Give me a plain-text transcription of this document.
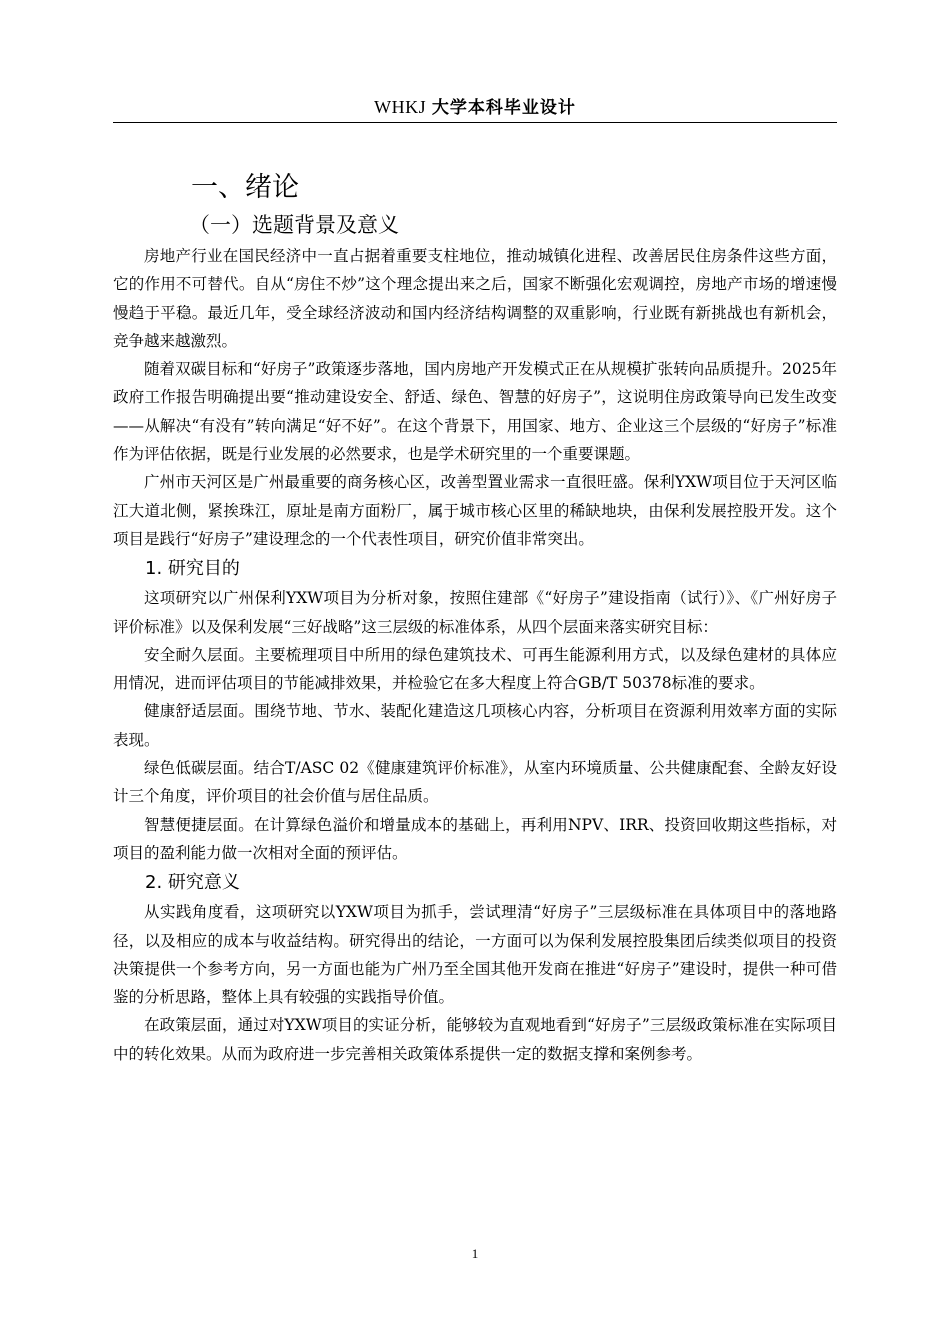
WHKJ 大学本科毕业设计
一、绪论
（一）选题背景及意义

房地产行业在国民经济中一直占据着重要支柱地位，推动城镇化进程、改善居民住房条件这些方面，它的作用不可替代。自从“房住不炒”这个理念提出来之后，国家不断强化宏观调控，房地产市场的增速慢慢趋于平稳。最近几年，受全球经济波动和国内经济结构调整的双重影响，行业既有新挑战也有新机会，竞争越来越激烈。

随着双碳目标和“好房子”政策逐步落地，国内房地产开发模式正在从规模扩张转向品质提升。2025年政府工作报告明确提出要“推动建设安全、舒适、绿色、智慧的好房子”，这说明住房政策导向已发生改变——从解决“有没有”转向满足“好不好”。在这个背景下，用国家、地方、企业这三个层级的“好房子”标准作为评估依据，既是行业发展的必然要求，也是学术研究里的一个重要课题。

广州市天河区是广州最重要的商务核心区，改善型置业需求一直很旺盛。保利YXW项目位于天河区临江大道北侧，紧挨珠江，原址是南方面粉厂，属于城市核心区里的稀缺地块，由保利发展控股开发。这个项目是践行“好房子”建设理念的一个代表性项目，研究价值非常突出。

1. 研究目的

这项研究以广州保利YXW项目为分析对象，按照住建部《“好房子”建设指南（试行）》、《广州好房子评价标准》以及保利发展“三好战略”这三层级的标准体系，从四个层面来落实研究目标：

安全耐久层面。主要梳理项目中所用的绿色建筑技术、可再生能源利用方式，以及绿色建材的具体应用情况，进而评估项目的节能减排效果，并检验它在多大程度上符合GB/T 50378标准的要求。

健康舒适层面。围绕节地、节水、装配化建造这几项核心内容，分析项目在资源利用效率方面的实际表现。

绿色低碳层面。结合T/ASC 02《健康建筑评价标准》，从室内环境质量、公共健康配套、全龄友好设计三个角度，评价项目的社会价值与居住品质。

智慧便捷层面。在计算绿色溢价和增量成本的基础上，再利用NPV、IRR、投资回收期这些指标，对项目的盈利能力做一次相对全面的预评估。

2. 研究意义

从实践角度看，这项研究以YXW项目为抓手，尝试理清“好房子”三层级标准在具体项目中的落地路径，以及相应的成本与收益结构。研究得出的结论，一方面可以为保利发展控股集团后续类似项目的投资决策提供一个参考方向，另一方面也能为广州乃至全国其他开发商在推进“好房子”建设时，提供一种可借鉴的分析思路，整体上具有较强的实践指导价值。

在政策层面，通过对YXW项目的实证分析，能够较为直观地看到“好房子”三层级政策标准在实际项目中的转化效果。从而为政府进一步完善相关政策体系提供一定的数据支撑和案例参考。

1
